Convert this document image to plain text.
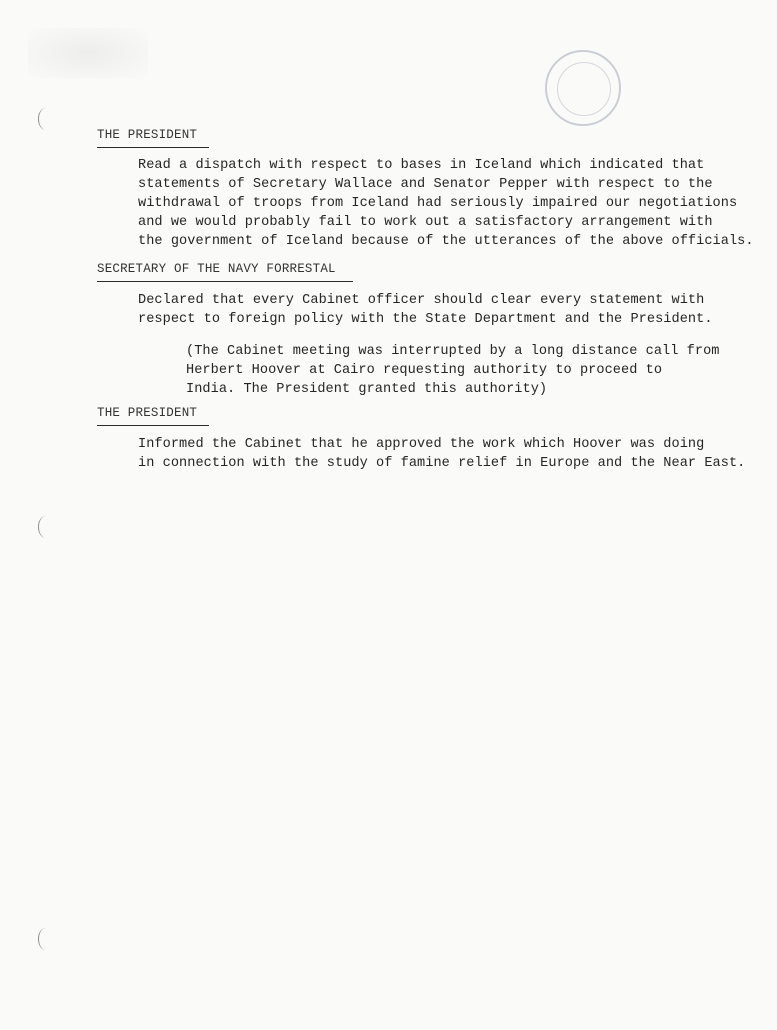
THE PRESIDENT
Read a dispatch with respect to bases in Iceland which indicated that
statements of Secretary Wallace and Senator Pepper with respect to the
withdrawal of troops from Iceland had seriously impaired our negotiations
and we would probably fail to work out a satisfactory arrangement with
the government of Iceland because of the utterances of the above officials.
SECRETARY OF THE NAVY FORRESTAL
Declared that every Cabinet officer should clear every statement with
respect to foreign policy with the State Department and the President.
(The Cabinet meeting was interrupted by a long distance call from
Herbert Hoover at Cairo requesting authority to proceed to
India. The President granted this authority)
THE PRESIDENT
Informed the Cabinet that he approved the work which Hoover was doing
in connection with the study of famine relief in Europe and the Near East.
